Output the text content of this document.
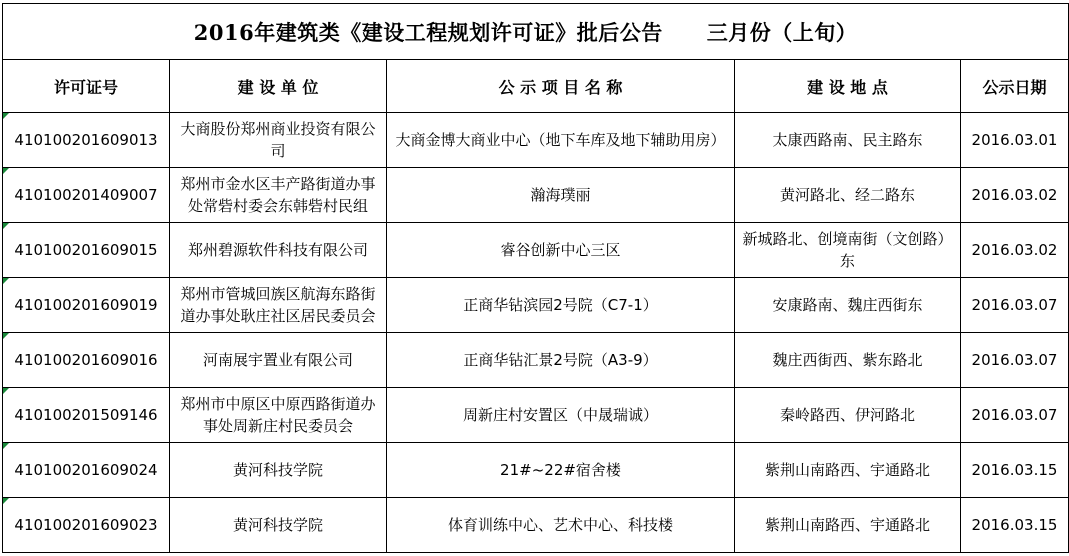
2016年建筑类《建设工程规划许可证》批后公告 三月份（上旬）				
许可证号	建 设 单 位	公 示 项 目 名 称	建 设 地 点	公示日期

410100201609013	大商股份郑州商业投资有限公司	大商金博大商业中心（地下车库及地下辅助用房）	太康西路南、民主路东	2016.03.01

410100201409007	郑州市金水区丰产路街道办事处常砦村委会东韩砦村民组	瀚海璞丽	黄河路北、经二路东	2016.03.02

410100201609015	郑州碧源软件科技有限公司	睿谷创新中心三区	新城路北、创境南街（文创路）东	2016.03.02

410100201609019	郑州市管城回族区航海东路街道办事处耿庄社区居民委员会	正商华钻滨园2号院（C7-1）	安康路南、魏庄西街东	2016.03.07

410100201609016	河南展宇置业有限公司	正商华钻汇景2号院（A3-9）	魏庄西街西、紫东路北	2016.03.07

410100201509146	郑州市中原区中原西路街道办事处周新庄村民委员会	周新庄村安置区（中晟瑞诚）	秦岭路西、伊河路北	2016.03.07

410100201609024	黄河科技学院	21#~22#宿舍楼	紫荆山南路西、宇通路北	2016.03.15

410100201609023	黄河科技学院	体育训练中心、艺术中心、科技楼	紫荆山南路西、宇通路北	2016.03.15
